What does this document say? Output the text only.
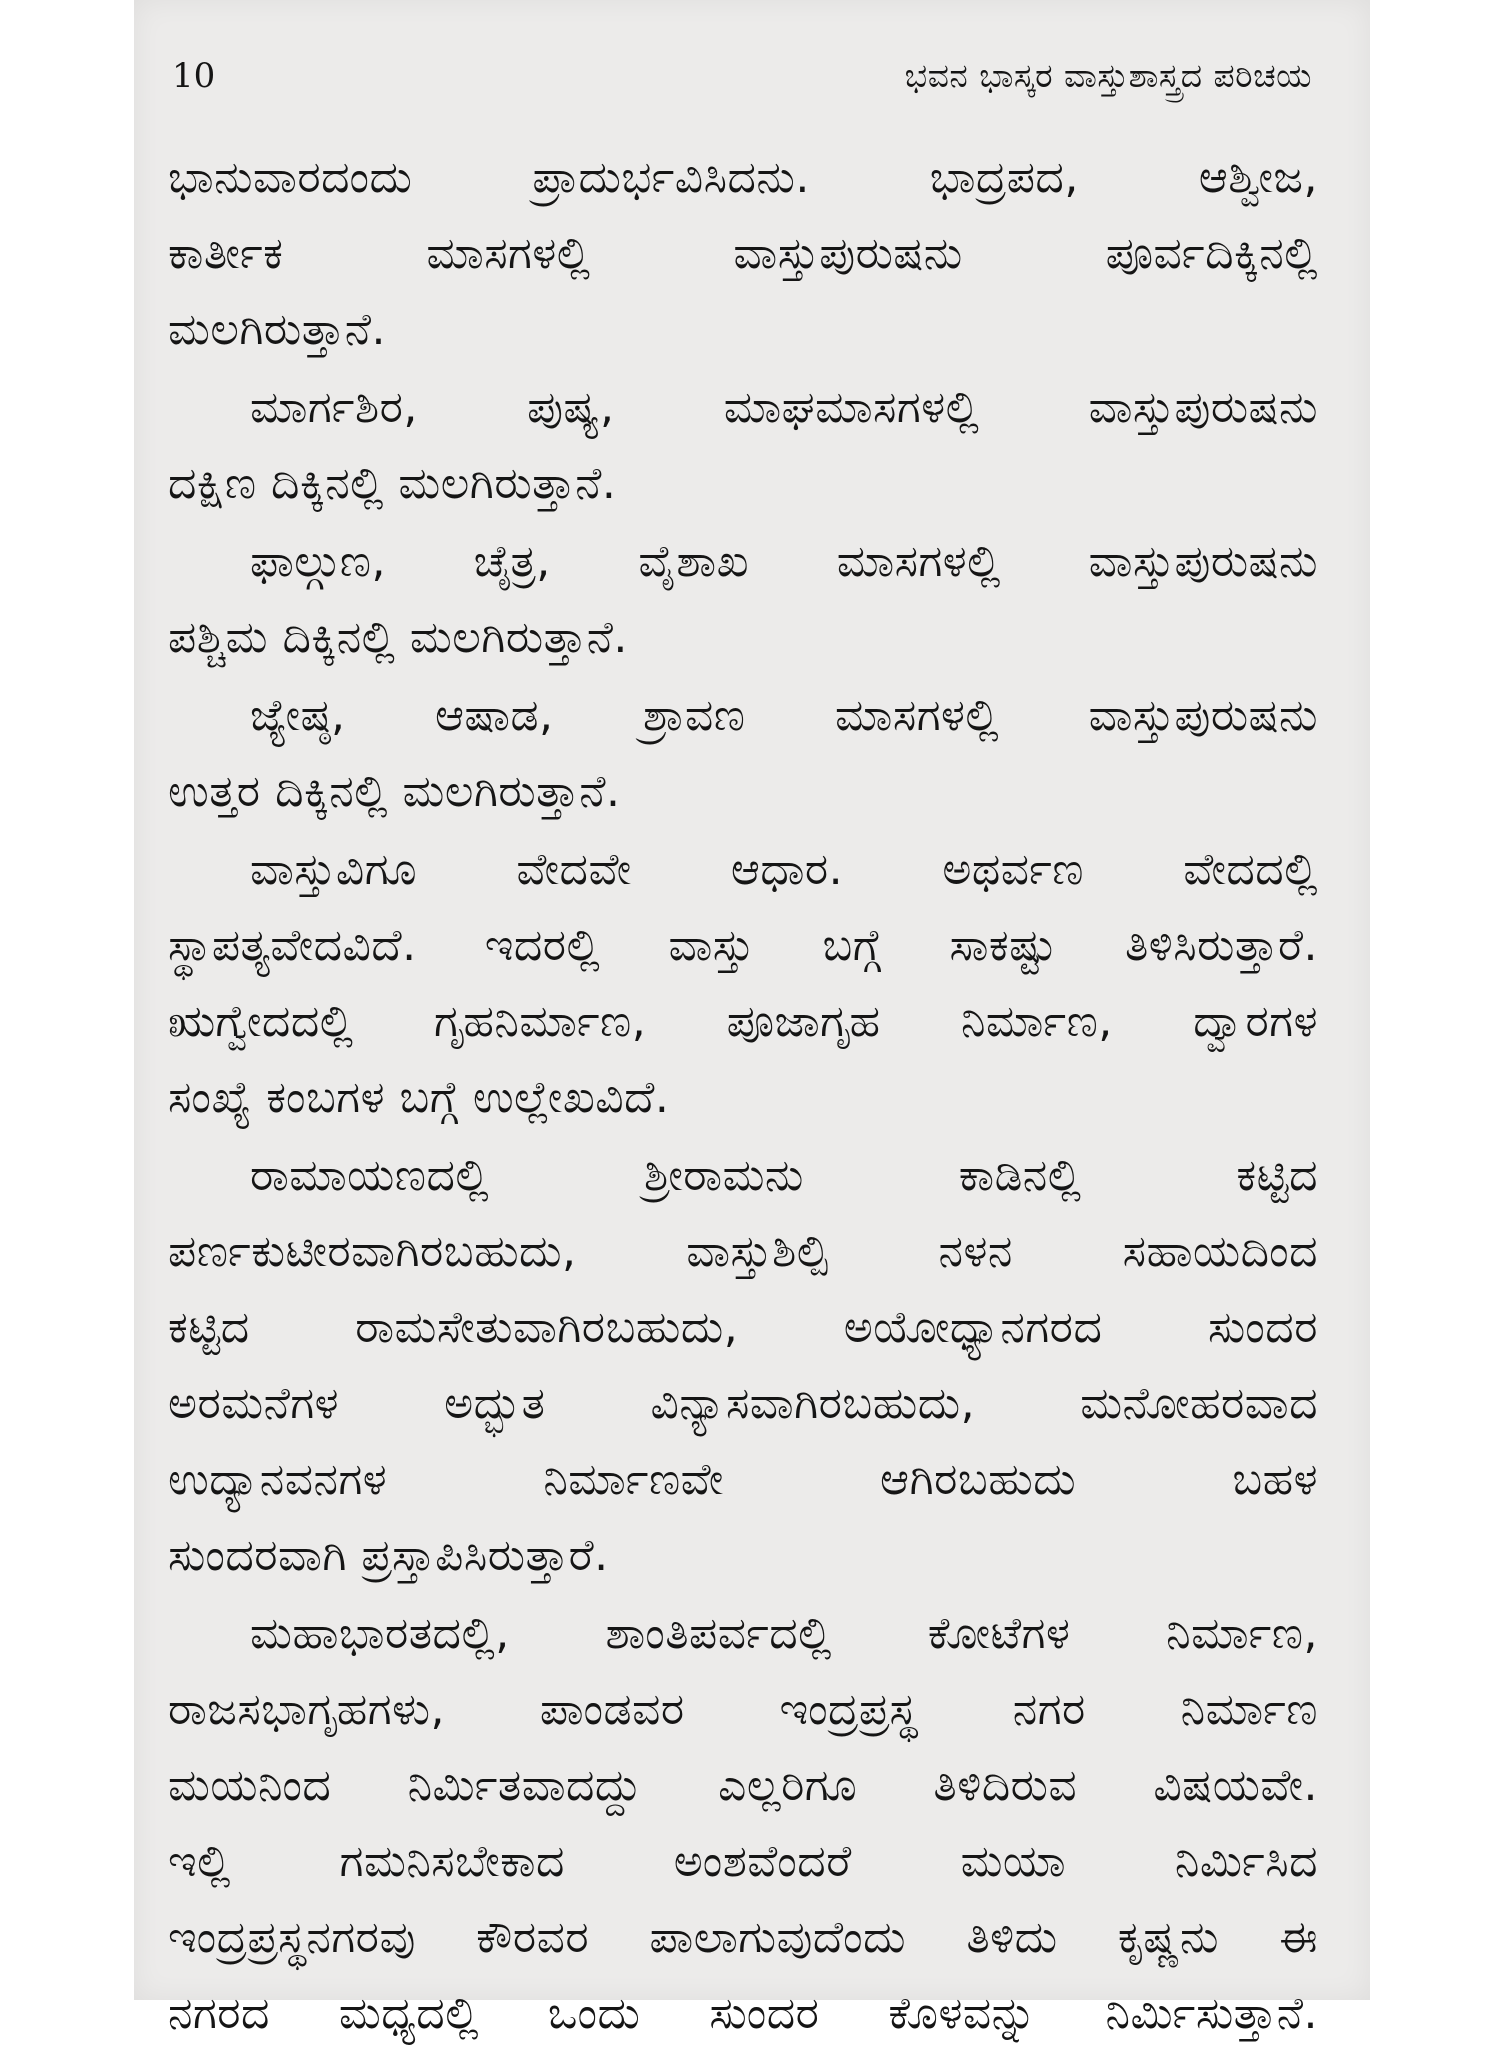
10	ಭವನ ಭಾಸ್ಕರ ವಾಸ್ತುಶಾಸ್ತ್ರದ ಪರಿಚಯ

ಭಾನುವಾರದಂದು ಪ್ರಾದುರ್ಭವಿಸಿದನು. ಭಾದ್ರಪದ, ಆಶ್ವೀಜ,

ಕಾರ್ತೀಕ ಮಾಸಗಳಲ್ಲಿ ವಾಸ್ತುಪುರುಷನು ಪೂರ್ವದಿಕ್ಕಿನಲ್ಲಿ

ಮಲಗಿರುತ್ತಾನೆ.

ಮಾರ್ಗಶಿರ, ಪುಷ್ಯ, ಮಾಘಮಾಸಗಳಲ್ಲಿ ವಾಸ್ತುಪುರುಷನು

ದಕ್ಷಿಣ ದಿಕ್ಕಿನಲ್ಲಿ ಮಲಗಿರುತ್ತಾನೆ.

ಫಾಲ್ಗುಣ, ಚೈತ್ರ, ವೈಶಾಖ ಮಾಸಗಳಲ್ಲಿ ವಾಸ್ತುಪುರುಷನು

ಪಶ್ಚಿಮ ದಿಕ್ಕಿನಲ್ಲಿ ಮಲಗಿರುತ್ತಾನೆ.

ಜ್ಯೇಷ್ಠ, ಆಷಾಡ, ಶ್ರಾವಣ ಮಾಸಗಳಲ್ಲಿ ವಾಸ್ತುಪುರುಷನು

ಉತ್ತರ ದಿಕ್ಕಿನಲ್ಲಿ ಮಲಗಿರುತ್ತಾನೆ.

ವಾಸ್ತುವಿಗೂ ವೇದವೇ ಆಧಾರ. ಅಥರ್ವಣ ವೇದದಲ್ಲಿ

ಸ್ಥಾಪತ್ಯವೇದವಿದೆ. ಇದರಲ್ಲಿ ವಾಸ್ತು ಬಗ್ಗೆ ಸಾಕಷ್ಟು ತಿಳಿಸಿರುತ್ತಾರೆ.

ಋಗ್ವೇದದಲ್ಲಿ ಗೃಹನಿರ್ಮಾಣ, ಪೂಜಾಗೃಹ ನಿರ್ಮಾಣ, ದ್ವಾರಗಳ

ಸಂಖ್ಯೆ ಕಂಬಗಳ ಬಗ್ಗೆ ಉಲ್ಲೇಖವಿದೆ.

ರಾಮಾಯಣದಲ್ಲಿ ಶ್ರೀರಾಮನು ಕಾಡಿನಲ್ಲಿ ಕಟ್ಟಿದ

ಪರ್ಣಕುಟೀರವಾಗಿರಬಹುದು, ವಾಸ್ತುಶಿಲ್ಪಿ ನಳನ ಸಹಾಯದಿಂದ

ಕಟ್ಟಿದ ರಾಮಸೇತುವಾಗಿರಬಹುದು, ಅಯೋಧ್ಯಾನಗರದ ಸುಂದರ

ಅರಮನೆಗಳ ಅದ್ಭುತ ವಿನ್ಯಾಸವಾಗಿರಬಹುದು, ಮನೋಹರವಾದ

ಉದ್ಯಾನವನಗಳ ನಿರ್ಮಾಣವೇ ಆಗಿರಬಹುದು ಬಹಳ

ಸುಂದರವಾಗಿ ಪ್ರಸ್ತಾಪಿಸಿರುತ್ತಾರೆ.

ಮಹಾಭಾರತದಲ್ಲಿ, ಶಾಂತಿಪರ್ವದಲ್ಲಿ ಕೋಟೆಗಳ ನಿರ್ಮಾಣ,

ರಾಜಸಭಾಗೃಹಗಳು, ಪಾಂಡವರ ಇಂದ್ರಪ್ರಸ್ಥ ನಗರ ನಿರ್ಮಾಣ

ಮಯನಿಂದ ನಿರ್ಮಿತವಾದದ್ದು ಎಲ್ಲರಿಗೂ ತಿಳಿದಿರುವ ವಿಷಯವೇ.

ಇಲ್ಲಿ ಗಮನಿಸಬೇಕಾದ ಅಂಶವೆಂದರೆ ಮಯಾ ನಿರ್ಮಿಸಿದ

ಇಂದ್ರಪ್ರಸ್ಥನಗರವು ಕೌರವರ ಪಾಲಾಗುವುದೆಂದು ತಿಳಿದು ಕೃಷ್ಣನು ಈ

ನಗರದ ಮಧ್ಯದಲ್ಲಿ ಒಂದು ಸುಂದರ ಕೊಳವನ್ನು ನಿರ್ಮಿಸುತ್ತಾನೆ.
